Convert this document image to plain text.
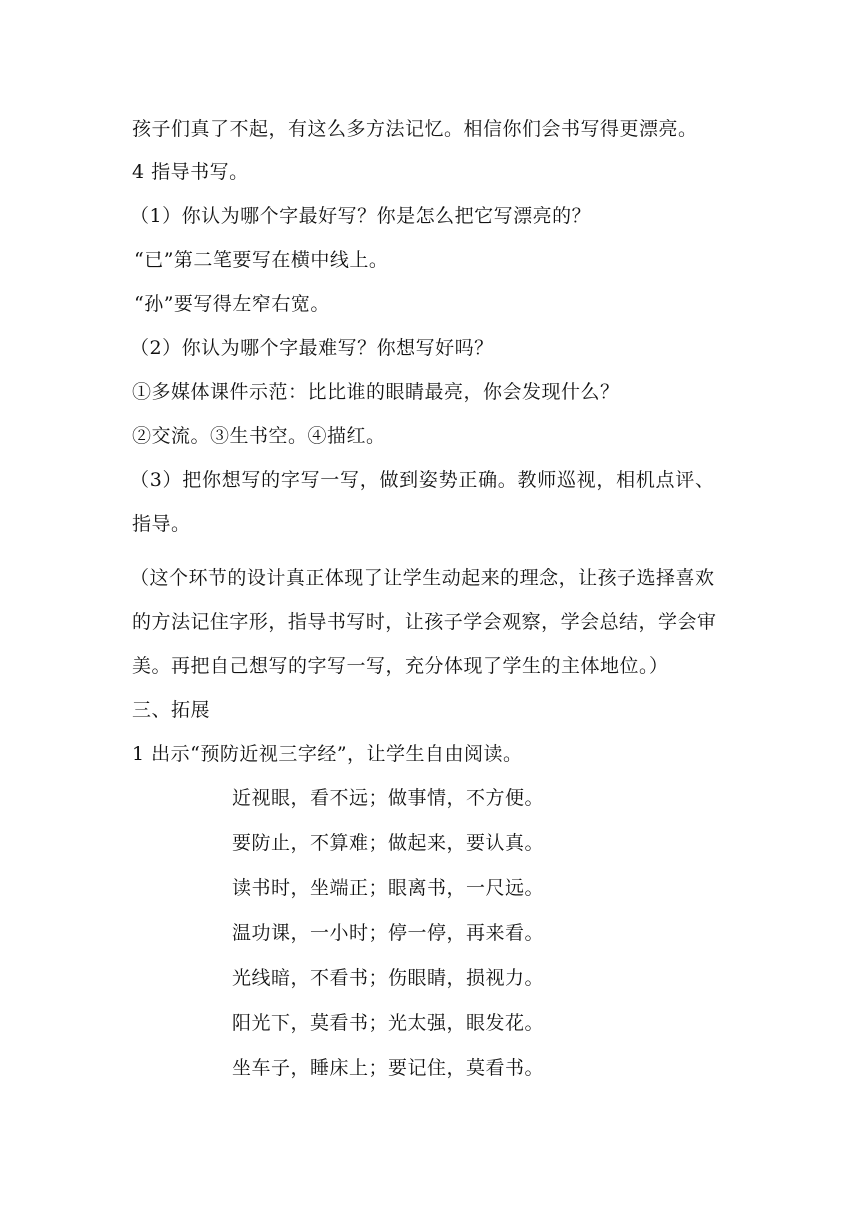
孩子们真了不起，有这么多方法记忆。相信你们会书写得更漂亮。
4 指导书写。
（1）你认为哪个字最好写？你是怎么把它写漂亮的？
“已”第二笔要写在横中线上。
“孙”要写得左窄右宽。
（2）你认为哪个字最难写？你想写好吗？
①多媒体课件示范：比比谁的眼睛最亮，你会发现什么？
②交流。③生书空。④描红。
（3）把你想写的字写一写，做到姿势正确。教师巡视，相机点评、
指导。
（这个环节的设计真正体现了让学生动起来的理念，让孩子选择喜欢
的方法记住字形，指导书写时，让孩子学会观察，学会总结，学会审
美。再把自己想写的字写一写，充分体现了学生的主体地位。）
三、拓展
1 出示“预防近视三字经”，让学生自由阅读。
近视眼，看不远；做事情，不方便。
要防止，不算难；做起来，要认真。
读书时，坐端正；眼离书，一尺远。
温功课，一小时；停一停，再来看。
光线暗，不看书；伤眼睛，损视力。
阳光下，莫看书；光太强，眼发花。
坐车子，睡床上；要记住，莫看书。
